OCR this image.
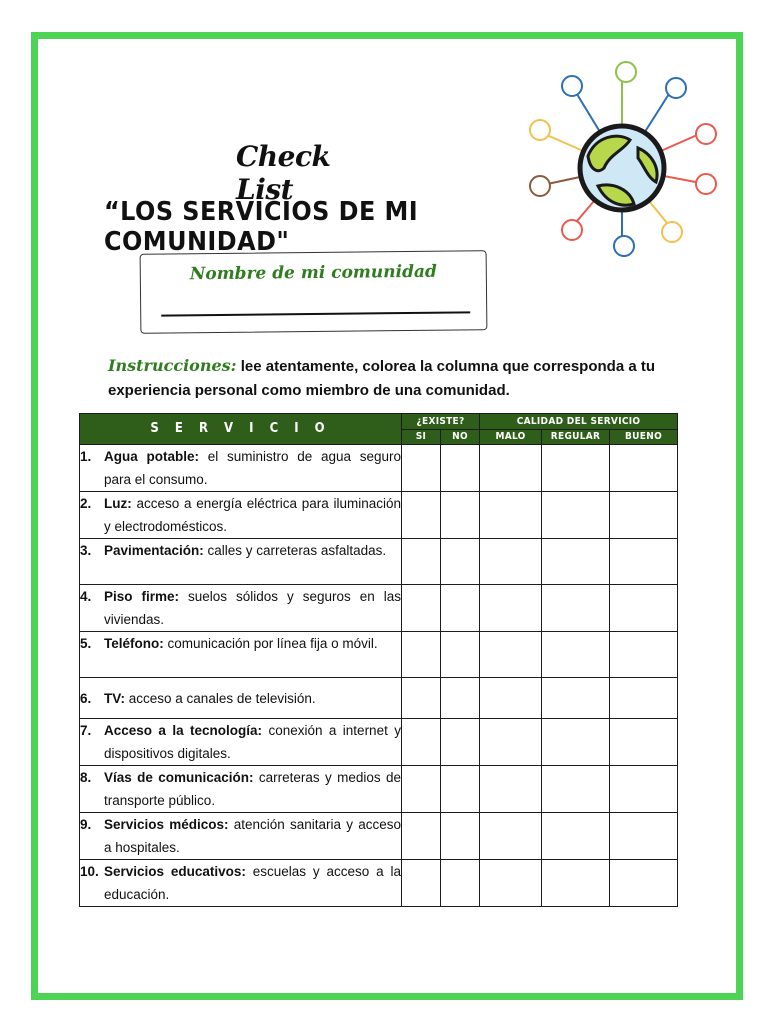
Check List
“LOS SERVICIOS DE MI COMUNIDAD"
Nombre de mi comunidad
Instrucciones: lee atentamente, colorea la columna que corresponda a tu experiencia personal como miembro de una comunidad.
S E R V I C I O	¿EXISTE?		CALIDAD DEL SERVICIO		
	SI	NO	MALO	REGULAR	BUENO

1. Agua potable: el suministro de agua seguro para el consumo.					

2. Luz: acceso a energía eléctrica para iluminación y electrodomésticos.					

3. Pavimentación: calles y carreteras asfaltadas.					

4. Piso firme: suelos sólidos y seguros en las viviendas.					

5. Teléfono: comunicación por línea fija o móvil.					

6. TV: acceso a canales de televisión.					

7. Acceso a la tecnología: conexión a internet y dispositivos digitales.					

8. Vías de comunicación: carreteras y medios de transporte público.					

9. Servicios médicos: atención sanitaria y acceso a hospitales.					

10. Servicios educativos: escuelas y acceso a la educación.					
